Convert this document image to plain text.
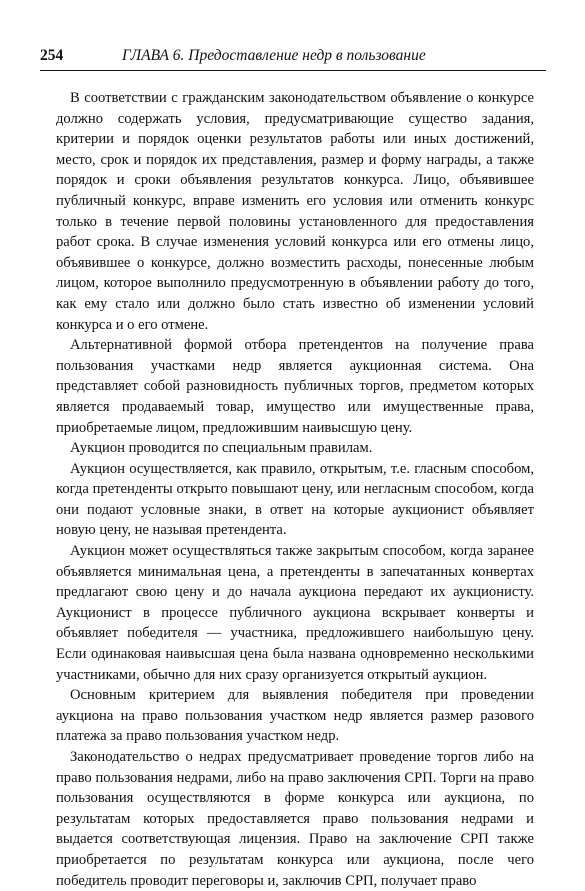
254	ГЛАВА 6. Предоставление недр в пользование

В соответствии с гражданским законодательством объявление о конкурсе должно содержать условия, предусматривающие существо задания, критерии и порядок оценки результатов работы или иных достижений, место, срок и порядок их представления, размер и форму награды, а также порядок и сроки объявления результатов конкурса. Лицо, объявившее публичный конкурс, вправе изменить его условия или отменить конкурс только в течение первой половины установленного для предоставления работ срока. В случае изменения условий конкурса или его отмены лицо, объявившее о конкурсе, должно возместить расходы, понесенные любым лицом, которое выполнило предусмотренную в объявлении работу до того, как ему стало или должно было стать известно об изменении условий конкурса и о его отмене.

Альтернативной формой отбора претендентов на получение права пользования участками недр является аукционная система. Она представляет собой разновидность публичных торгов, предметом которых является продаваемый товар, имущество или имущественные права, приобретаемые лицом, предложившим наивысшую цену.

Аукцион проводится по специальным правилам.

Аукцион осуществляется, как правило, открытым, т.е. гласным способом, когда претенденты открыто повышают цену, или негласным способом, когда они подают условные знаки, в ответ на которые аукционист объявляет новую цену, не называя претендента.

Аукцион может осуществляться также закрытым способом, когда заранее объявляется минимальная цена, а претенденты в запечатанных конвертах предлагают свою цену и до начала аукциона передают их аукционисту. Аукционист в процессе публичного аукциона вскрывает конверты и объявляет победителя — участника, предложившего наибольшую цену. Если одинаковая наивысшая цена была названа одновременно несколькими участниками, обычно для них сразу организуется открытый аукцион.

Основным критерием для выявления победителя при проведении аукциона на право пользования участком недр является размер разового платежа за право пользования участком недр.

Законодательство о недрах предусматривает проведение торгов либо на право пользования недрами, либо на право заключения СРП. Торги на право пользования осуществляются в форме конкурса или аукциона, по результатам которых предоставляется право пользования недрами и выдается соответствующая лицензия. Право на заключение СРП также приобретается по результатам конкурса или аукциона, после чего победитель проводит переговоры и, заключив СРП, получает право
